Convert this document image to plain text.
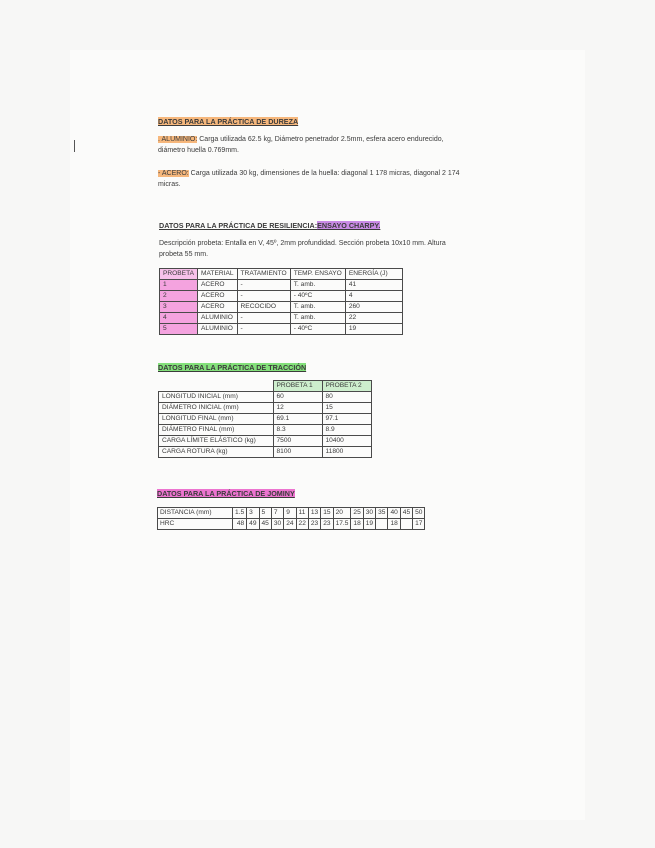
DATOS PARA LA PRÁCTICA DE DUREZA
. ALUMINIO: Carga utilizada 62.5 kg, Diámetro penetrador 2.5mm, esfera acero endurecido,
diámetro huella 0.769mm.
- ACERO: Carga utilizada 30 kg, dimensiones de la huella: diagonal 1 178 micras, diagonal 2 174
micras.
DATOS PARA LA PRÁCTICA DE RESILIENCIA:ENSAYO CHARPY.
Descripción probeta: Entalla en V, 45º, 2mm profundidad. Sección probeta 10x10 mm. Altura
probeta 55 mm.
PROBETA	MATERIAL	TRATAMIENTO	TEMP. ENSAYO	ENERGÍA (J)
1	ACERO	-	T. amb.	41
2	ACERO	-	- 40ºC	4
3	ACERO	RECOCIDO	T. amb.	260
4	ALUMINIO	-	T. amb.	22
5	ALUMINIO	-	- 40ºC	19
DATOS PARA LA PRÁCTICA DE TRACCIÓN
	PROBETA 1	PROBETA 2
LONGITUD INICIAL (mm)	60	80
DIÁMETRO INICIAL (mm)	12	15
LONGITUD FINAL (mm)	69.1	97.1
DIÁMETRO FINAL (mm)	8.3	8.9
CARGA LÍMITE ELÁSTICO (kg)	7500	10400
CARGA ROTURA (kg)	8100	11800
DATOS PARA LA PRÁCTICA DE JOMINY
DISTANCIA (mm)	1.5	3	5	7	9	11	13	15	20	25	30	35	40	45	50
HRC	48	49	45	30	24	22	23	23	17.5	18	19		18		17
